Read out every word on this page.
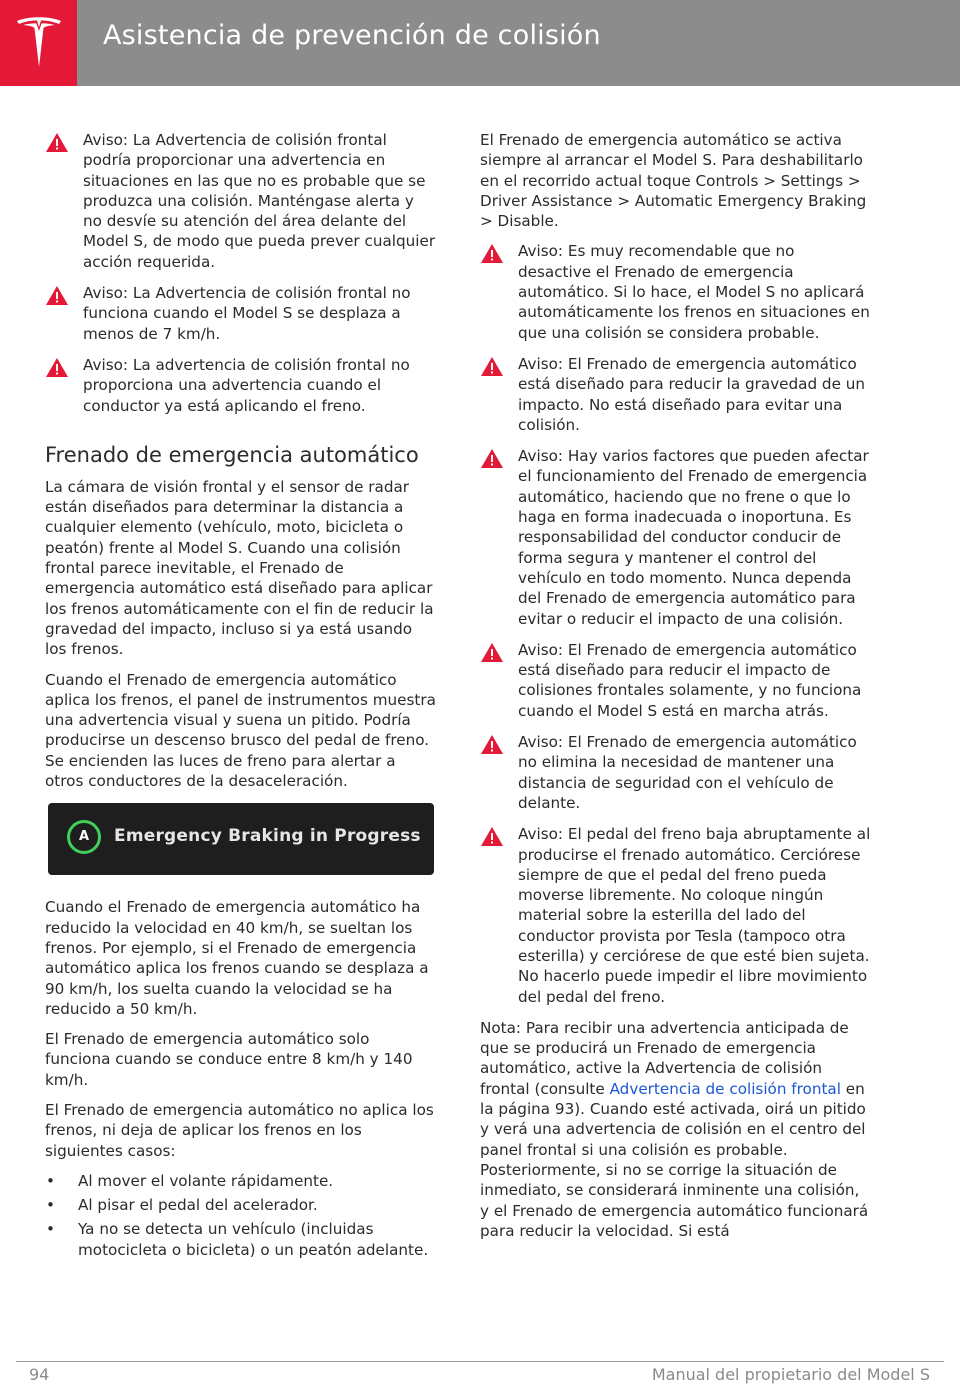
Asistencia de prevención de colisión
Aviso: La Advertencia de colisión frontal podría proporcionar una advertencia en situaciones en las que no es probable que se produzca una colisión. Manténgase alerta y no desvíe su atención del área delante del Model S, de modo que pueda prever cualquier acción requerida.
Aviso: La Advertencia de colisión frontal no funciona cuando el Model S se desplaza a menos de 7 km/h.
Aviso: La advertencia de colisión frontal no proporciona una advertencia cuando el conductor ya está aplicando el freno.
Frenado de emergencia automático
La cámara de visión frontal y el sensor de radar están diseñados para determinar la distancia a cualquier elemento (vehículo, moto, bicicleta o peatón) frente al Model S. Cuando una colisión frontal parece inevitable, el Frenado de emergencia automático está diseñado para aplicar los frenos automáticamente con el fin de reducir la gravedad del impacto, incluso si ya está usando los frenos.
Cuando el Frenado de emergencia automático aplica los frenos, el panel de instrumentos muestra una advertencia visual y suena un pitido. Podría producirse un descenso brusco del pedal de freno. Se encienden las luces de freno para alertar a otros conductores de la desaceleración.
A Emergency Braking in Progress
Cuando el Frenado de emergencia automático ha reducido la velocidad en 40 km/h, se sueltan los frenos. Por ejemplo, si el Frenado de emergencia automático aplica los frenos cuando se desplaza a 90 km/h, los suelta cuando la velocidad se ha reducido a 50 km/h.
El Frenado de emergencia automático solo funciona cuando se conduce entre 8 km/h y 140 km/h.
El Frenado de emergencia automático no aplica los frenos, ni deja de aplicar los frenos en los siguientes casos:
• Al mover el volante rápidamente.
• Al pisar el pedal del acelerador.
• Ya no se detecta un vehículo (incluidas motocicleta o bicicleta) o un peatón adelante.
El Frenado de emergencia automático se activa siempre al arrancar el Model S. Para deshabilitarlo en el recorrido actual toque Controls > Settings > Driver Assistance > Automatic Emergency Braking > Disable.
Aviso: Es muy recomendable que no desactive el Frenado de emergencia automático. Si lo hace, el Model S no aplicará automáticamente los frenos en situaciones en que una colisión se considera probable.
Aviso: El Frenado de emergencia automático está diseñado para reducir la gravedad de un impacto. No está diseñado para evitar una colisión.
Aviso: Hay varios factores que pueden afectar el funcionamiento del Frenado de emergencia automático, haciendo que no frene o que lo haga en forma inadecuada o inoportuna. Es responsabilidad del conductor conducir de forma segura y mantener el control del vehículo en todo momento. Nunca dependa del Frenado de emergencia automático para evitar o reducir el impacto de una colisión.
Aviso: El Frenado de emergencia automático está diseñado para reducir el impacto de colisiones frontales solamente, y no funciona cuando el Model S está en marcha atrás.
Aviso: El Frenado de emergencia automático no elimina la necesidad de mantener una distancia de seguridad con el vehículo de delante.
Aviso: El pedal del freno baja abruptamente al producirse el frenado automático. Cerciórese siempre de que el pedal del freno pueda moverse libremente. No coloque ningún material sobre la esterilla del lado del conductor provista por Tesla (tampoco otra esterilla) y cerciórese de que esté bien sujeta. No hacerlo puede impedir el libre movimiento del pedal del freno.
Nota: Para recibir una advertencia anticipada de que se producirá un Frenado de emergencia automático, active la Advertencia de colisión frontal (consulte Advertencia de colisión frontal en la página 93). Cuando esté activada, oirá un pitido y verá una advertencia de colisión en el centro del panel frontal si una colisión es probable. Posteriormente, si no se corrige la situación de inmediato, se considerará inminente una colisión, y el Frenado de emergencia automático funcionará para reducir la velocidad. Si está
94	Manual del propietario del Model S
